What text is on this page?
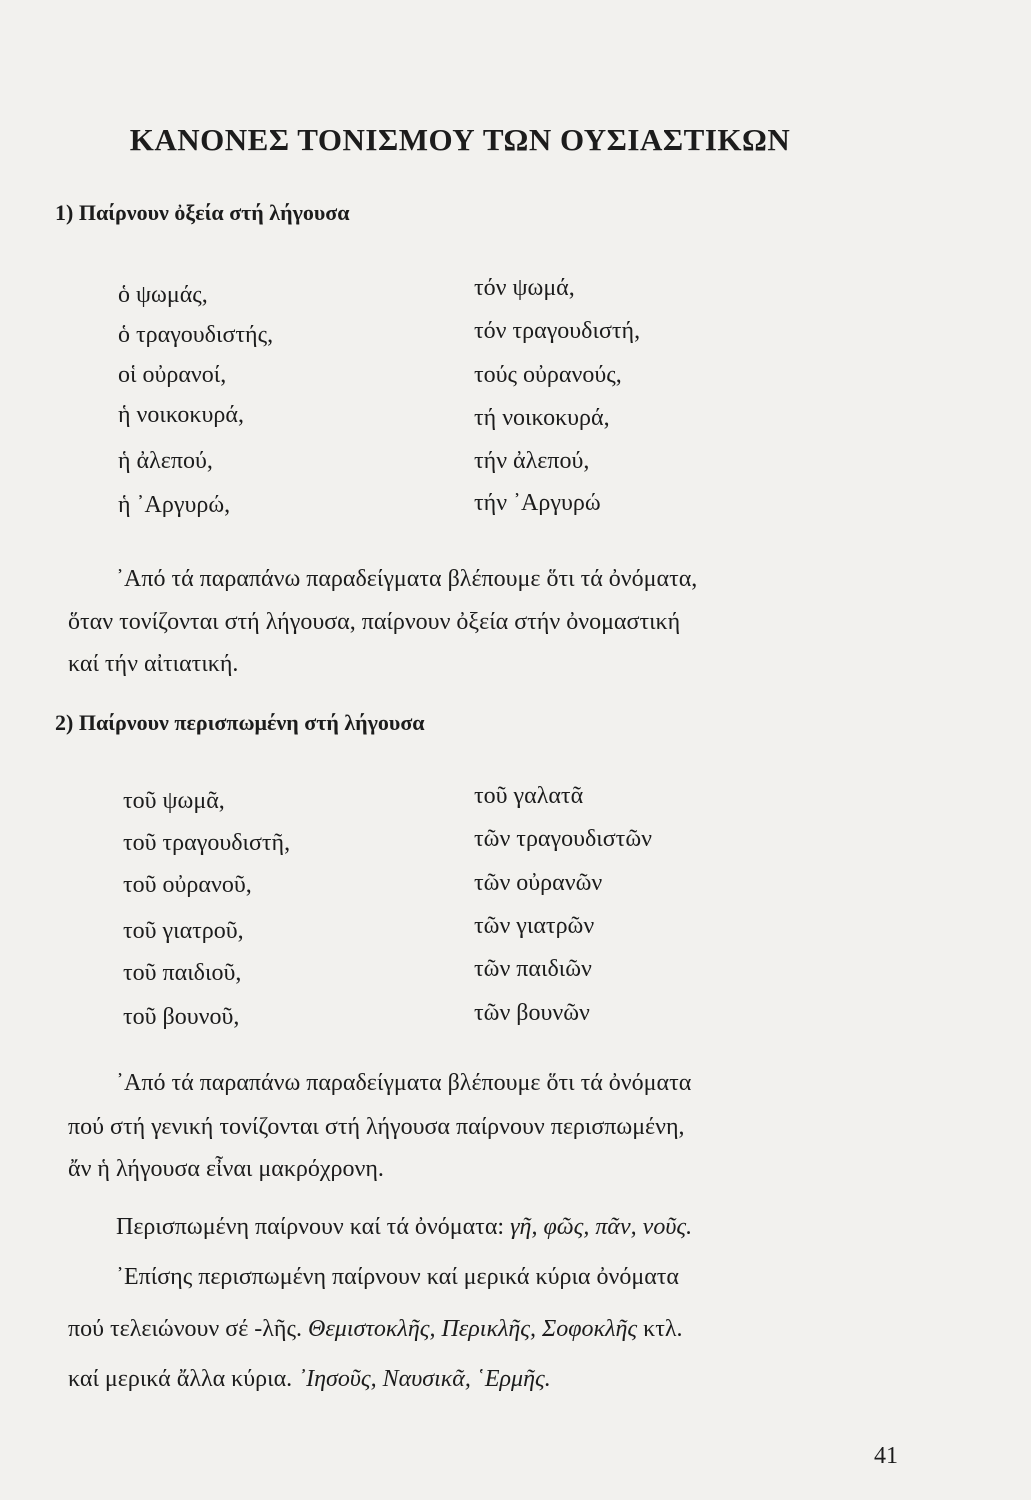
ΚΑΝΟΝΕΣ ΤΟΝΙΣΜΟΥ ΤΩΝ ΟΥΣΙΑΣΤΙΚΩΝ
1) Παίρνουν ὀξεία στή λήγουσα
ὁ ψωμάς,
ὁ τραγουδιστής,
οἱ οὐρανοί,
ἡ νοικοκυρά,
ἡ ἀλεπού,
ἡ ᾿Αργυρώ,
τόν ψωμά,
τόν τραγουδιστή,
τούς οὐρανούς,
τή νοικοκυρά,
τήν ἀλεπού,
τήν ᾿Αργυρώ
᾿Από τά παραπάνω παραδείγματα βλέπουμε ὅτι τά ὀνόματα,
ὅταν τονίζονται στή λήγουσα, παίρνουν ὀξεία στήν ὀνομαστική
καί τήν αἰτιατική.
2) Παίρνουν περισπωμένη στή λήγουσα
τοῦ ψωμᾶ,
τοῦ τραγουδιστῆ,
τοῦ οὐρανοῦ,
τοῦ γιατροῦ,
τοῦ παιδιοῦ,
τοῦ βουνοῦ,
τοῦ γαλατᾶ
τῶν τραγουδιστῶν
τῶν οὐρανῶν
τῶν γιατρῶν
τῶν παιδιῶν
τῶν βουνῶν
᾿Από τά παραπάνω παραδείγματα βλέπουμε ὅτι τά ὀνόματα
πού στή γενική τονίζονται στή λήγουσα παίρνουν περισπωμένη,
ἄν ἡ λήγουσα εἶναι μακρόχρονη.
Περισπωμένη παίρνουν καί τά ὀνόματα: γῆ, φῶς, πᾶν, νοῦς.
᾿Επίσης περισπωμένη παίρνουν καί μερικά κύρια ὀνόματα
πού τελειώνουν σέ -λῆς. Θεμιστοκλῆς, Περικλῆς, Σοφοκλῆς κτλ.
καί μερικά ἄλλα κύρια. ᾿Ιησοῦς, Ναυσικᾶ, ῾Ερμῆς.
41
